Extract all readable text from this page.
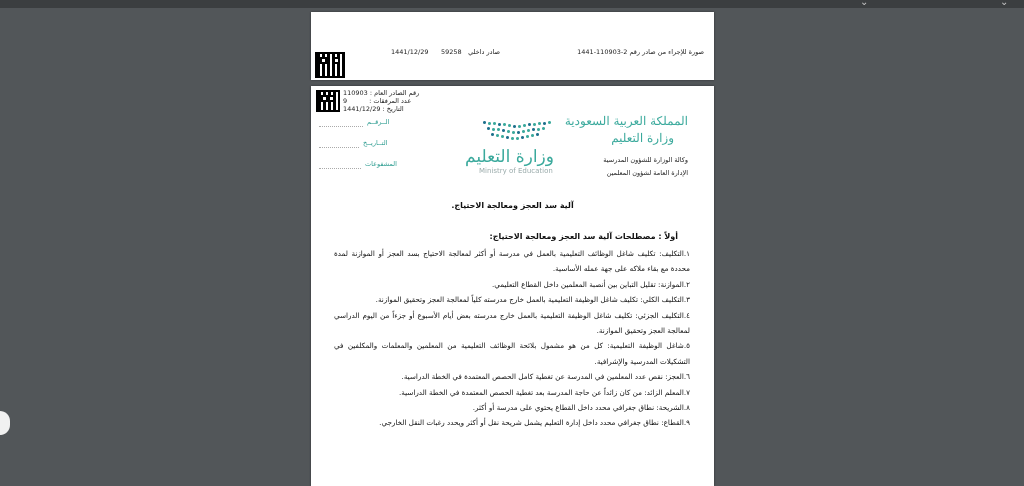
⌄	⌄
صورة للإجراء من صادر رقم 2-110903-1441
صادر داخلي
59258
1441/12/29
110903 رقم الصادر العام :
9	عدد المرفقات :
1441/12/29 التاريخ :
الــرقــم
التــاريــخ
المشفوعات	وزارة التعليم
Ministry of Education
المملكة العربية السعودية
وزارة التعليم
وكالة الوزارة للشؤون المدرسية
الإدارة العامة لشؤون المعلمين
آلية سد العجز ومعالجة الاحتياج.
أولاً : مصطلحات آلية سد العجز ومعالجة الاحتياج:
١.التكليف: تكليف شاغل الوظائف التعليمية بالعمل في مدرسة أو أكثر لمعالجة الاحتياج بسد العجز أو الموازنة لمدة محددة مع بقاء ملاكه على جهة عمله الأساسية.
٢.الموازنة: تقليل التباين بين أنصبة المعلمين داخل القطاع التعليمي.
٣.التكليف الكلي: تكليف شاغل الوظيفة التعليمية بالعمل خارج مدرسته كلياً لمعالجة العجز وتحقيق الموازنة.
٤.التكليف الجزئي: تكليف شاغل الوظيفة التعليمية بالعمل خارج مدرسته بعض أيام الأسبوع أو جزءاً من اليوم الدراسي لمعالجة العجز وتحقيق الموازنة.
٥.شاغل الوظيفة التعليمية: كل من هو مشمول بلائحة الوظائف التعليمية من المعلمين والمعلمات والمكلفين في التشكيلات المدرسية والإشرافية.
٦.العجز: نقص عدد المعلمين في المدرسة عن تغطية كامل الحصص المعتمدة في الخطة الدراسية.
٧.المعلم الزائد: من كان زائداً عن حاجة المدرسة بعد تغطية الحصص المعتمدة في الخطة الدراسية.
٨.الشريحة: نطاق جغرافي محدد داخل القطاع يحتوي على مدرسة أو أكثر.
٩.القطاع: نطاق جغرافي محدد داخل إدارة التعليم يشمل شريحة نقل أو أكثر ويحدد رغبات النقل الخارجي.
